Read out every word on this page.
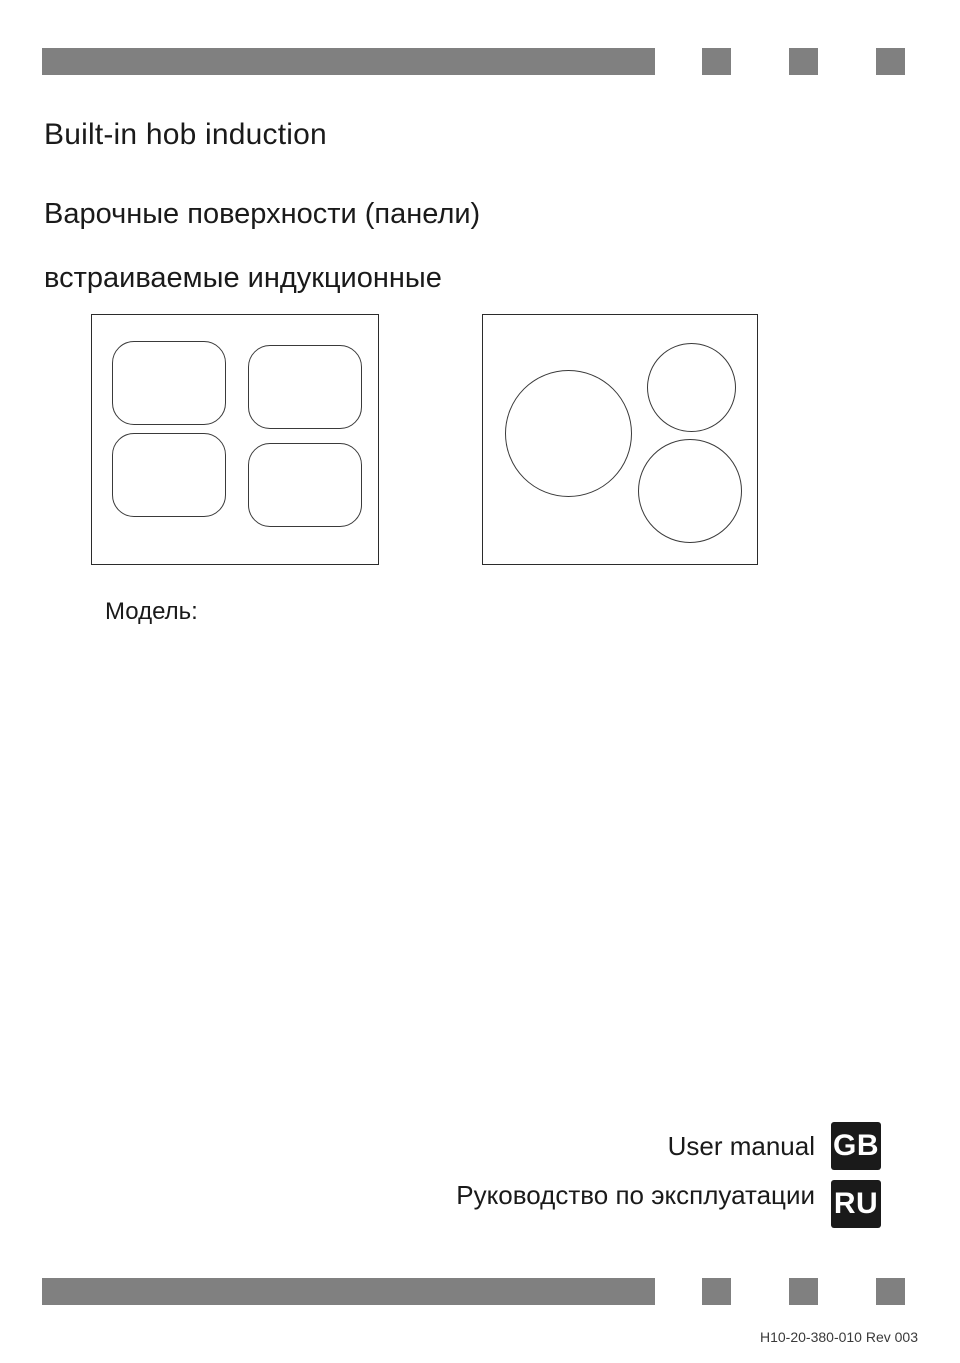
Built-in hob induction
Варочные поверхности (панели)
встраиваемые индукционные
Модель:
User manual
Руководство по эксплуатации
GB
RU
H10-20-380-010 Rev 003
